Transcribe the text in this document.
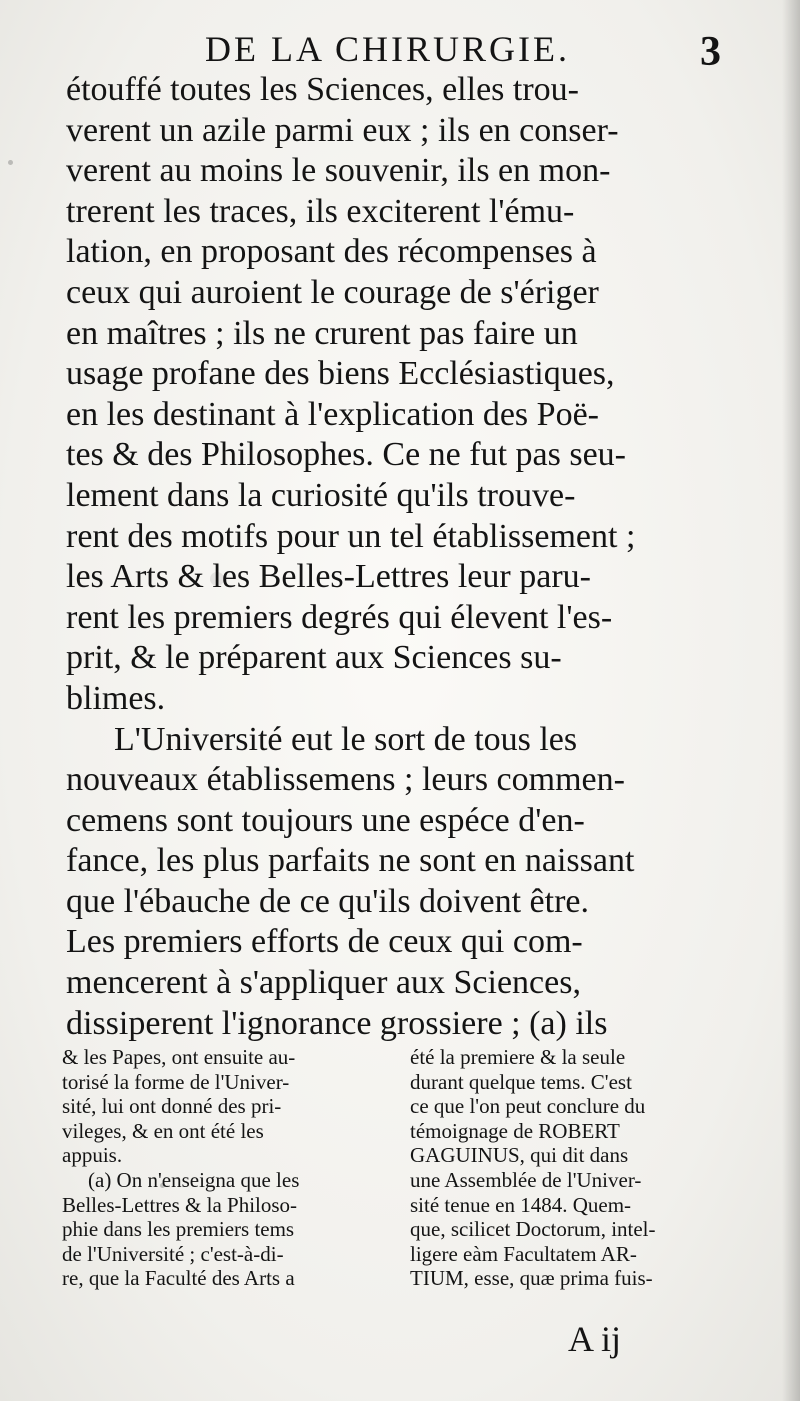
DE LA CHIRURGIE.	3
étouffé toutes les Sciences, elles trou-
verent un azile parmi eux ; ils en conser-
verent au moins le souvenir, ils en mon-
trerent les traces, ils exciterent l'ému-
lation, en proposant des récompenses à
ceux qui auroient le courage de s'ériger
en maîtres ; ils ne crurent pas faire un
usage profane des biens Ecclésiastiques,
en les destinant à l'explication des Poë-
tes & des Philosophes. Ce ne fut pas seu-
lement dans la curiosité qu'ils trouve-
rent des motifs pour un tel établissement ;
les Arts & les Belles-Lettres leur paru-
rent les premiers degrés qui élevent l'es-
prit, & le préparent aux Sciences su-
blimes.
L'Université eut le sort de tous les
nouveaux établissemens ; leurs commen-
cemens sont toujours une espéce d'en-
fance, les plus parfaits ne sont en naissant
que l'ébauche de ce qu'ils doivent être.
Les premiers efforts de ceux qui com-
mencerent à s'appliquer aux Sciences,
dissiperent l'ignorance grossiere ; (a) ils
& les Papes, ont ensuite au-
torisé la forme de l'Univer-
sité, lui ont donné des pri-
vileges, & en ont été les
appuis.
(a) On n'enseigna que les
Belles-Lettres & la Philoso-
phie dans les premiers tems
de l'Université ; c'est-à-di-
re, que la Faculté des Arts a
été la premiere & la seule
durant quelque tems. C'est
ce que l'on peut conclure du
témoignage de ROBERT
GAGUINUS, qui dit dans
une Assemblée de l'Univer-
sité tenue en 1484. Quem-
que, scilicet Doctorum, intel-
ligere eàm Facultatem AR-
TIUM, esse, quæ prima fuis-
A ij
